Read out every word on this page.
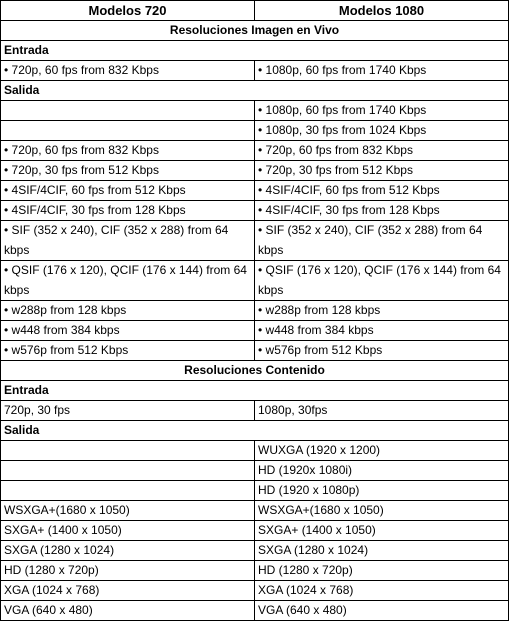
Modelos 720	Modelos 1080
Resoluciones Imagen en Vivo	
Entrada	
• 720p, 60 fps from 832 Kbps	• 1080p, 60 fps from 1740 Kbps
Salida	
	• 1080p, 60 fps from 1740 Kbps
	• 1080p, 30 fps from 1024 Kbps
• 720p, 60 fps from 832 Kbps	• 720p, 60 fps from 832 Kbps
• 720p, 30 fps from 512 Kbps	• 720p, 30 fps from 512 Kbps
• 4SIF/4CIF, 60 fps from 512 Kbps	• 4SIF/4CIF, 60 fps from 512 Kbps
• 4SIF/4CIF, 30 fps from 128 Kbps	• 4SIF/4CIF, 30 fps from 128 Kbps
• SIF (352 x 240), CIF (352 x 288) from 64 kbps	• SIF (352 x 240), CIF (352 x 288) from 64 kbps
• QSIF (176 x 120), QCIF (176 x 144) from 64 kbps	• QSIF (176 x 120), QCIF (176 x 144) from 64 kbps
• w288p from 128 kbps	• w288p from 128 kbps
• w448 from 384 kbps	• w448 from 384 kbps
• w576p from 512 Kbps	• w576p from 512 Kbps
Resoluciones Contenido	
Entrada	
720p, 30 fps	1080p, 30fps
Salida	
	WUXGA (1920 x 1200)
	HD (1920x 1080i)
	HD (1920 x 1080p)
WSXGA+(1680 x 1050)	WSXGA+(1680 x 1050)
SXGA+ (1400 x 1050)	SXGA+ (1400 x 1050)
SXGA (1280 x 1024)	SXGA (1280 x 1024)
HD (1280 x 720p)	HD (1280 x 720p)
XGA (1024 x 768)	XGA (1024 x 768)
VGA (640 x 480)	VGA (640 x 480)
